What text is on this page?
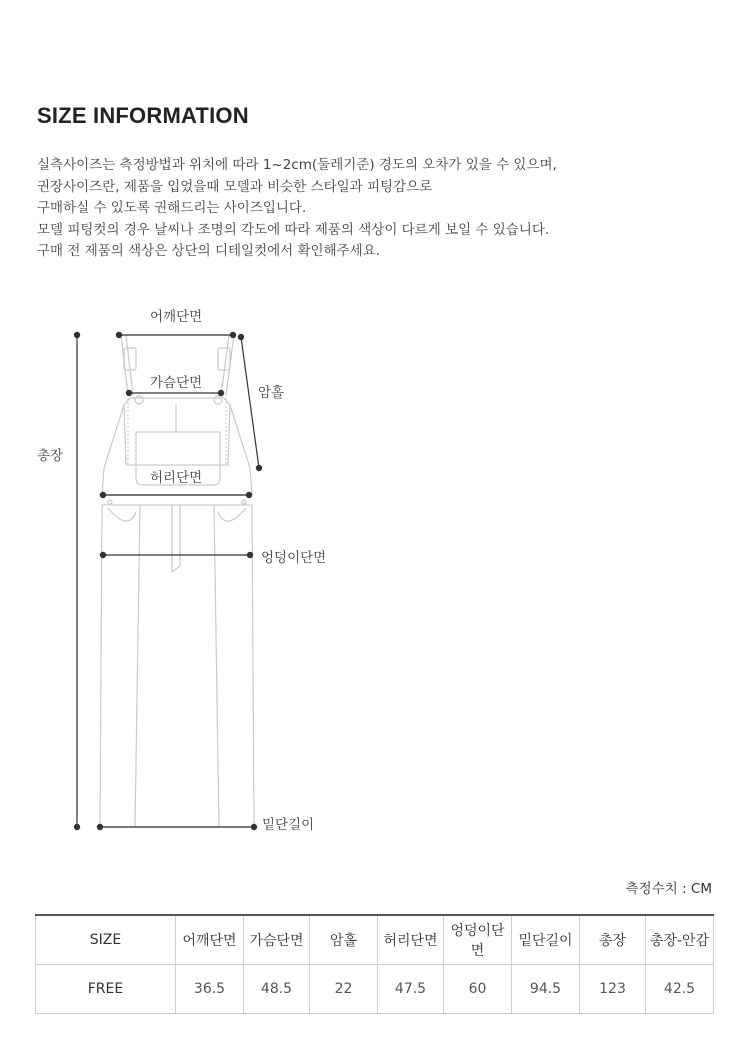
SIZE INFORMATION
실측사이즈는 측정방법과 위치에 따라 1~2cm(둘레기준) 경도의 오차가 있을 수 있으며,
권장사이즈란, 제품을 입었을때 모델과 비슷한 스타일과 피팅감으로
구매하실 수 있도록 권해드리는 사이즈입니다.
모델 피팅컷의 경우 날씨나 조명의 각도에 따라 제품의 색상이 다르게 보일 수 있습니다.
구매 전 제품의 색상은 상단의 디테일컷에서 확인해주세요.
어깨단면
가슴단면
암홀
총장
허리단면
엉덩이단면
밑단길이
측정수치 : CM
SIZE	어깨단면	가슴단면	암홀	허리단면	엉덩이단면	밑단길이	총장	총장-안감
FREE	36.5	48.5	22	47.5	60	94.5	123	42.5
